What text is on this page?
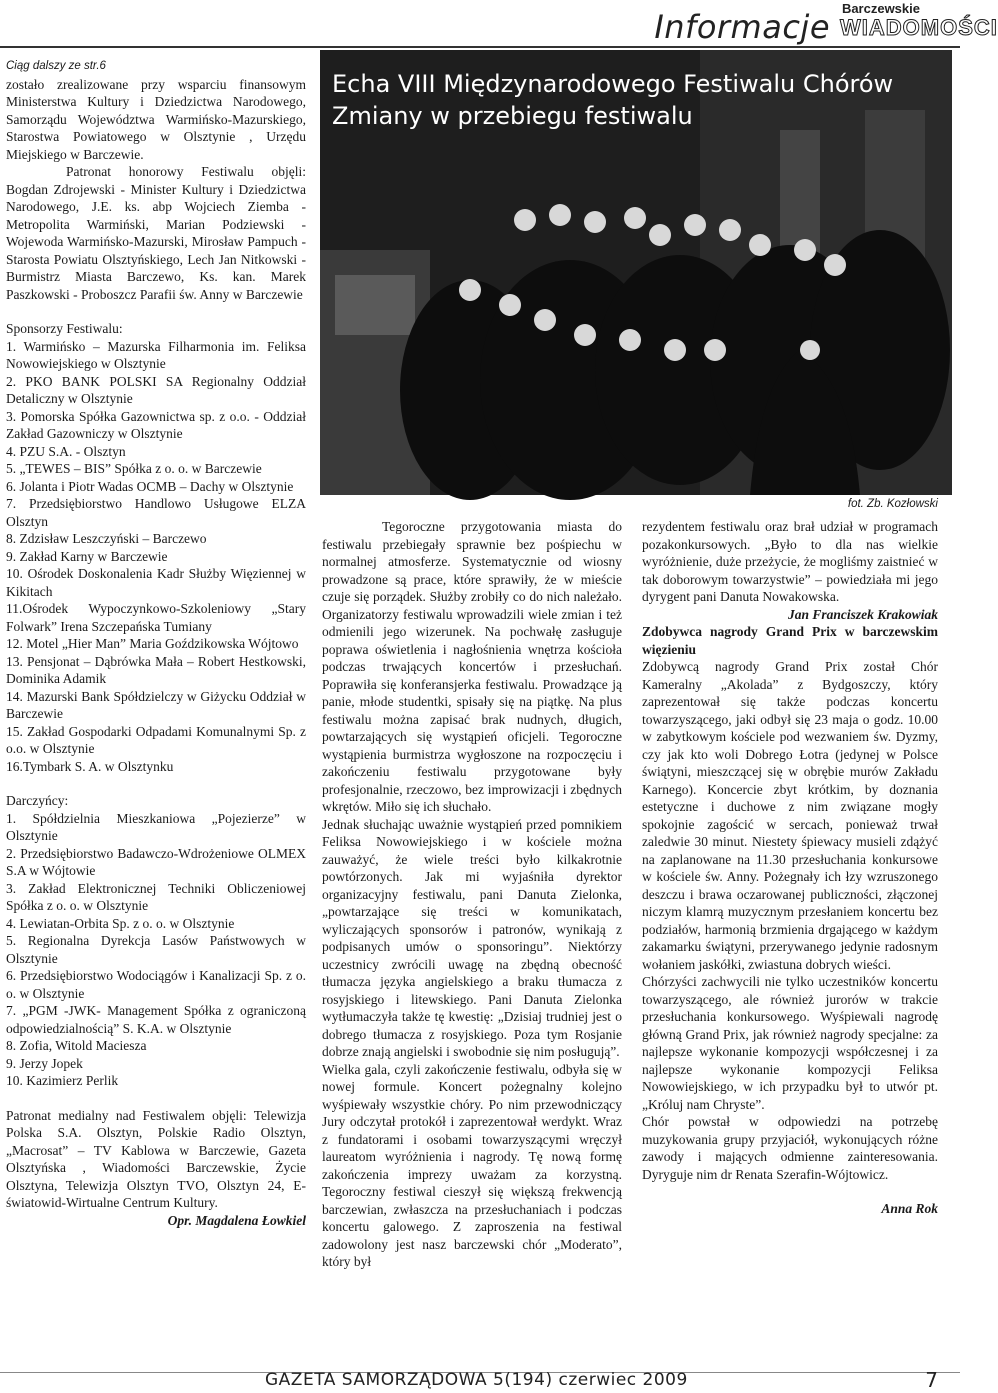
Informacje Barczewskie
WIADOMOŚCI

Ciąg dalszy ze str.6

zostało zrealizowane przy wsparciu finansowym Ministerstwa Kultury i Dziedzictwa Narodowego, Samorządu Województwa Warmińsko-Mazurskiego, Starostwa Powiatowego w Olsztynie , Urzędu Miejskiego w Barczewie.

Patronat honorowy Festiwalu objęli: Bogdan Zdrojewski - Minister Kultury i Dziedzictwa Narodowego, J.E. ks. abp Wojciech Ziemba - Metropolita Warmiński, Marian Podziewski - Wojewoda Warmińsko-Mazurski, Mirosław Pampuch - Starosta Powiatu Olsztyńskiego, Lech Jan Nitkowski - Burmistrz Miasta Barczewo, Ks. kan. Marek Paszkowski - Proboszcz Parafii św. Anny w Barczewie

Sponsorzy Festiwalu:

1. Warmińsko – Mazurska Filharmonia im. Feliksa Nowowiejskiego w Olsztynie

2. PKO BANK POLSKI SA Regionalny Oddział Detaliczny w Olsztynie

3. Pomorska Spółka Gazownictwa sp. z o.o. - Oddział Zakład Gazowniczy w Olsztynie

4. PZU S.A. - Olsztyn

5. „TEWES – BIS” Spółka z o. o. w Barczewie

6. Jolanta i Piotr Wadas OCMB – Dachy w Olsztynie

7. Przedsiębiorstwo Handlowo Usługowe ELZA Olsztyn

8. Zdzisław Leszczyński – Barczewo

9. Zakład Karny w Barczewie

10. Ośrodek Doskonalenia Kadr Służby Więziennej w Kikitach

11.Ośrodek Wypoczynkowo-Szkoleniowy „Stary Folwark” Irena Szczepańska Tumiany

12. Motel „Hier Man” Maria Goździkowska Wójtowo

13. Pensjonat – Dąbrówka Mała – Robert Hestkowski, Dominika Adamik

14. Mazurski Bank Spółdzielczy w Giżycku Oddział w Barczewie

15. Zakład Gospodarki Odpadami Komunalnymi Sp. z o.o. w Olsztynie

16.Tymbark S. A. w Olsztynku

Darczyńcy:

1. Spółdzielnia Mieszkaniowa „Pojezierze” w Olsztynie

2. Przedsiębiorstwo Badawczo-Wdrożeniowe OLMEX S.A w Wójtowie

3. Zakład Elektronicznej Techniki Obliczeniowej Spółka z o. o. w Olsztynie

4. Lewiatan-Orbita Sp. z o. o. w Olsztynie

5. Regionalna Dyrekcja Lasów Państwowych w Olsztynie

6. Przedsiębiorstwo Wodociągów i Kanalizacji Sp. z o. o. w Olsztynie

7. „PGM -JWK- Management Spółka z ograniczoną odpowiedzialnością” S. K.A. w Olsztynie

8. Zofia, Witold Maciesza

9. Jerzy Jopek

10. Kazimierz Perlik

Patronat medialny nad Festiwalem objęli: Telewizja Polska S.A. Olsztyn, Polskie Radio Olsztyn, „Macrosat” – TV Kablowa w Barczewie, Gazeta Olsztyńska , Wiadomości Barczewskie, Życie Olsztyna, Telewizja Olsztyn TVO, Olsztyn 24, E- światowid-Wirtualne Centrum Kultury.

Opr. Magdalena Łowkiel

Echa VIII Międzynarodowego Festiwalu Chórów
Zmiany w przebiegu festiwalu
fot. Zb. Kozłowski

Tegoroczne przygotowania miasta do festiwalu przebiegały sprawnie bez pośpiechu w normalnej atmosferze. Systematycznie od wiosny prowadzone są prace, które sprawiły, że w mieście czuje się porządek. Służby zrobiły co do nich należało. Organizatorzy festiwalu wprowadzili wiele zmian i też odmienili jego wizerunek. Na pochwałę zasługuje poprawa oświetlenia i nagłośnienia wnętrza kościoła podczas trwających koncertów i przesłuchań. Poprawiła się konferansjerka festiwalu. Prowadzące ją panie, młode studentki, spisały się na piątkę. Na plus festiwalu można zapisać brak nudnych, długich, powtarzających się wystąpień oficjeli. Tegoroczne wystąpienia burmistrza wygłoszone na rozpoczęciu i zakończeniu festiwalu przygotowane były profesjonalnie, rzeczowo, bez improwizacji i zbędnych wkrętów. Miło się ich słuchało.

Jednak słuchając uważnie wystąpień przed pomnikiem Feliksa Nowowiejskiego i w kościele można zauważyć, że wiele treści było kilkakrotnie powtórzonych. Jak mi wyjaśniła dyrektor organizacyjny festiwalu, pani Danuta Zielonka, „powtarzające się treści w komunikatach, wyliczających sponsorów i patronów, wynikają z podpisanych umów o sponsoringu”. Niektórzy uczestnicy zwrócili uwagę na zbędną obecność tłumacza języka angielskiego a braku tłumacza z rosyjskiego i litewskiego. Pani Danuta Zielonka wytłumaczyła także tę kwestię: „Dzisiaj trudniej jest o dobrego tłumacza z rosyjskiego. Poza tym Rosjanie dobrze znają angielski i swobodnie się nim posługują”.

Wielka gala, czyli zakończenie festiwalu, odbyła się w nowej formule. Koncert pożegnalny kolejno wyśpiewały wszystkie chóry. Po nim przewodniczący Jury odczytał protokół i zaprezentował werdykt. Wraz z fundatorami i osobami towarzyszącymi wręczył laureatom wyróżnienia i nagrody. Tę nową formę zakończenia imprezy uważam za korzystną. Tegoroczny festiwal cieszył się większą frekwencją barczewian, zwłaszcza na przesłuchaniach i podczas koncertu galowego. Z zaproszenia na festiwal zadowolony jest nasz barczewski chór „Moderato”, który był

rezydentem festiwalu oraz brał udział w programach pozakonkursowych. „Było to dla nas wielkie wyróżnienie, duże przeżycie, że mogliśmy zaistnieć w tak doborowym towarzystwie” – powiedziała mi jego dyrygent pani Danuta Nowakowska.

Jan Franciszek Krakowiak

Zdobywca nagrody Grand Prix w barczewskim więzieniu

Zdobywcą nagrody Grand Prix został Chór Kameralny „Akolada” z Bydgoszczy, który zaprezentował się także podczas koncertu towarzyszącego, jaki odbył się 23 maja o godz. 10.00 w zabytkowym kościele pod wezwaniem św. Dyzmy, czy jak kto woli Dobrego Łotra (jedynej w Polsce świątyni, mieszczącej się w obrębie murów Zakładu Karnego). Koncercie zbyt krótkim, by doznania estetyczne i duchowe z nim związane mogły spokojnie zagościć w sercach, ponieważ trwał zaledwie 30 minut. Niestety śpiewacy musieli zdążyć na zaplanowane na 11.30 przesłuchania konkursowe w kościele św. Anny. Pożegnały ich łzy wzruszonego deszczu i brawa oczarowanej publiczności, złączonej niczym klamrą muzycznym przesłaniem koncertu bez podziałów, harmonią brzmienia drgającego w każdym zakamarku świątyni, przerywanego jedynie radosnym wołaniem jaskółki, zwiastuna dobrych wieści.

Chórzyści zachwycili nie tylko uczestników koncertu towarzyszącego, ale również jurorów w trakcie przesłuchania konkursowego. Wyśpiewali nagrodę główną Grand Prix, jak również nagrody specjalne: za najlepsze wykonanie kompozycji współczesnej i za najlepsze wykonanie kompozycji Feliksa Nowowiejskiego, w ich przypadku był to utwór pt. „Króluj nam Chryste”.

Chór powstał w odpowiedzi na potrzebę muzykowania grupy przyjaciół, wykonujących różne zawody i mających odmienne zainteresowania. Dyryguje nim dr Renata Szerafin-Wójtowicz.

Anna Rok

GAZETA SAMORZĄDOWA 5(194) czerwiec 2009	7
